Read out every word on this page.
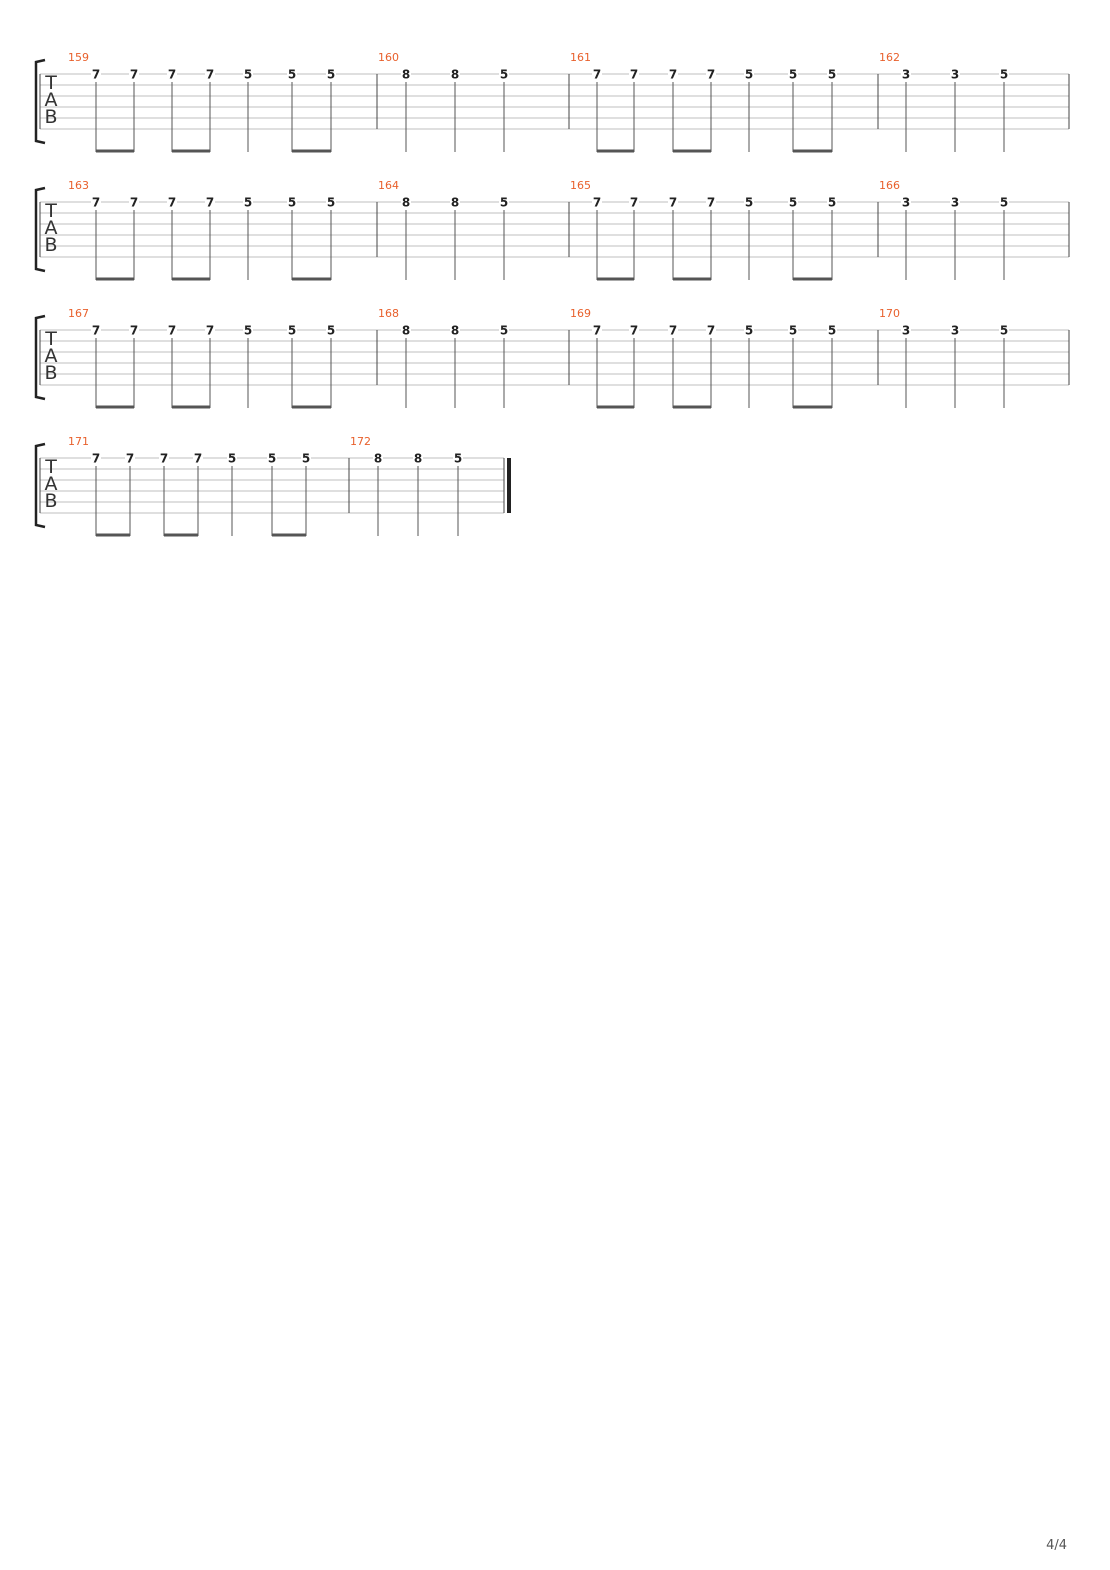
T
A
B
159
7 7 7 7 5	5	5
160
8	8	5
161
7 7	7 7 5	5	5
162
3	3	5
T
A
B
163
7 7 7 7 5	5	5
164
8	8	5
165
7 7	7 7 5	5	5
166
3	3	5
T
A
B
167
7 7 7 7 5	5	5
168
8	8	5
169
7 7	7 7 5	5	5
170
3	3	5
T
A
B
171
7 7 7 7 5	5 5
172
8	8	5
4/4
